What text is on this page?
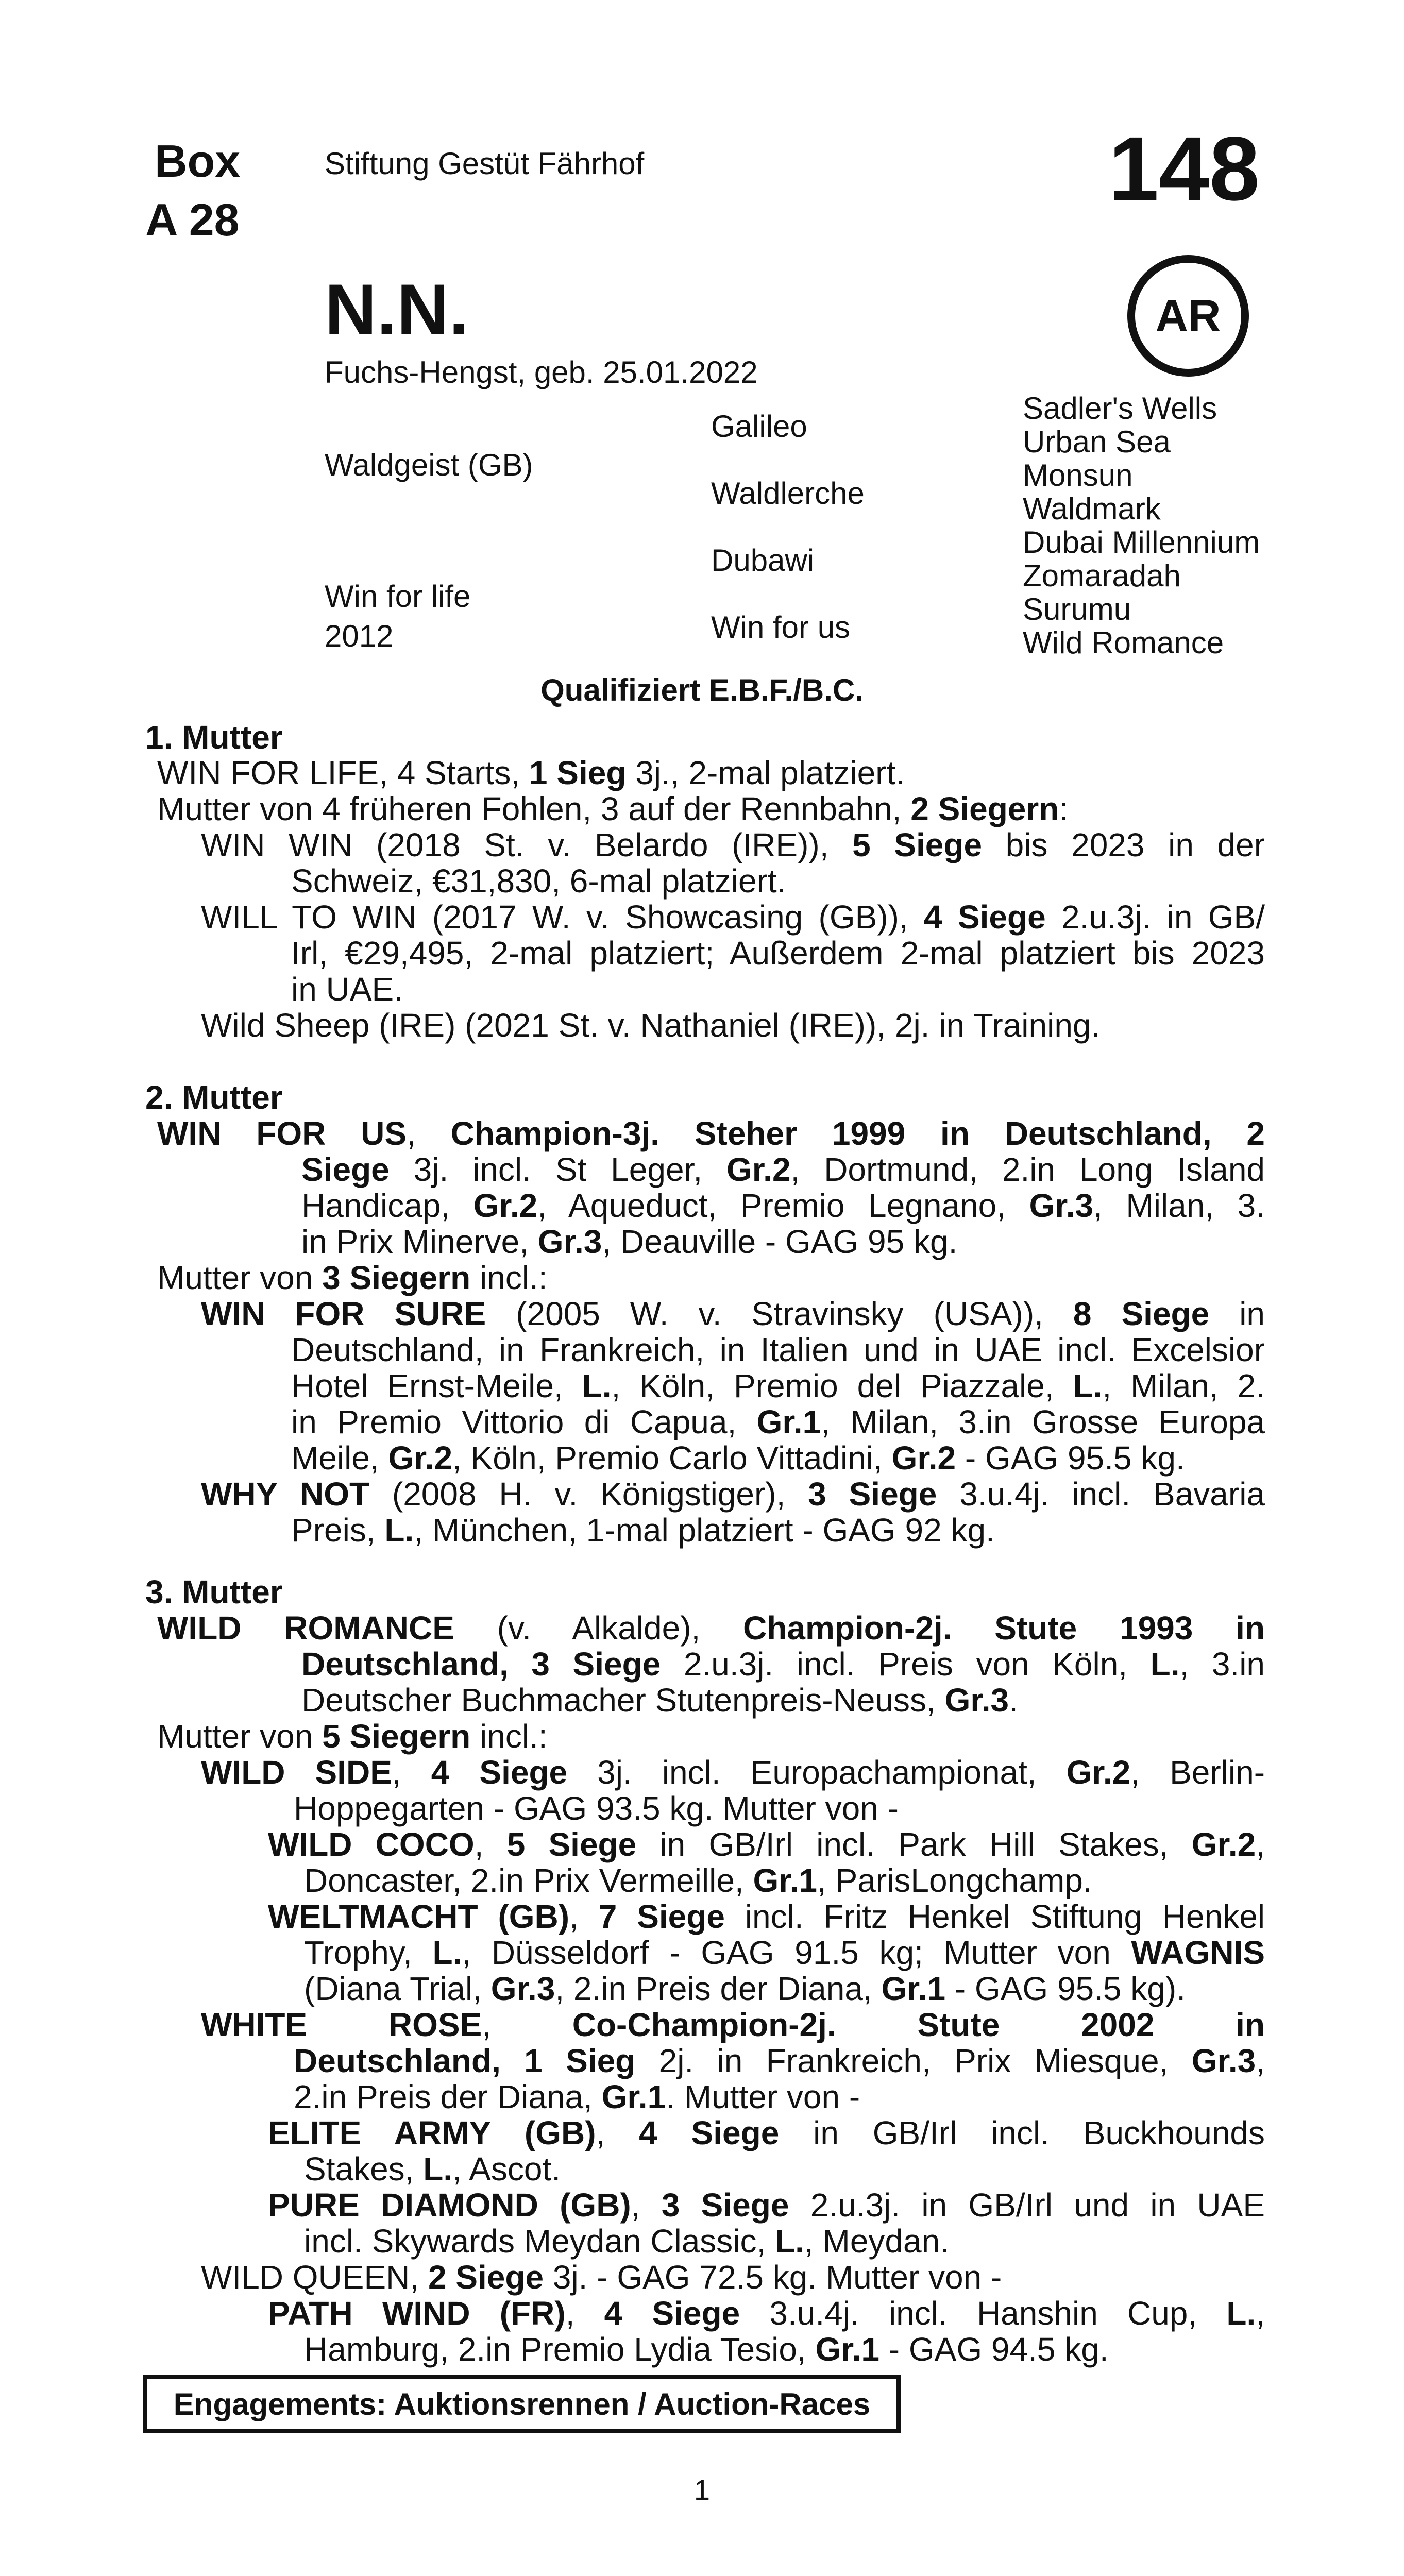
Box
A 28
Stiftung Gestüt Fährhof	148
AR
N.N.
Fuchs-Hengst, geb. 25.01.2022
Waldgeist (GB)
Win for life
2012
Galileo
Waldlerche
Dubawi
Win for us
Sadler's Wells
Urban Sea
Monsun
Waldmark
Dubai Millennium
Zomaradah
Surumu
Wild Romance
Qualifiziert E.B.F./B.C.
1. Mutter
WIN FOR LIFE, 4 Starts, 1 Sieg 3j., 2-mal platziert.
Mutter von 4 früheren Fohlen, 3 auf der Rennbahn, 2 Siegern:
WIN WIN (2018 St. v. Belardo (IRE)), 5 Siege bis 2023 in der
Schweiz, €31,830, 6-mal platziert.
WILL TO WIN (2017 W. v. Showcasing (GB)), 4 Siege 2.u.3j. in GB/
Irl, €29,495, 2-mal platziert; Außerdem 2-mal platziert bis 2023
in UAE.
Wild Sheep (IRE) (2021 St. v. Nathaniel (IRE)), 2j. in Training.
2. Mutter
WIN FOR US, Champion-3j. Steher 1999 in Deutschland, 2
Siege 3j. incl. St Leger, Gr.2, Dortmund, 2.in Long Island
Handicap, Gr.2, Aqueduct, Premio Legnano, Gr.3, Milan, 3.
in Prix Minerve, Gr.3, Deauville - GAG 95 kg.
Mutter von 3 Siegern incl.:
WIN FOR SURE (2005 W. v. Stravinsky (USA)), 8 Siege in
Deutschland, in Frankreich, in Italien und in UAE incl. Excelsior
Hotel Ernst-Meile, L., Köln, Premio del Piazzale, L., Milan, 2.
in Premio Vittorio di Capua, Gr.1, Milan, 3.in Grosse Europa
Meile, Gr.2, Köln, Premio Carlo Vittadini, Gr.2 - GAG 95.5 kg.
WHY NOT (2008 H. v. Königstiger), 3 Siege 3.u.4j. incl. Bavaria
Preis, L., München, 1-mal platziert - GAG 92 kg.
3. Mutter
WILD ROMANCE (v. Alkalde), Champion-2j. Stute 1993 in
Deutschland, 3 Siege 2.u.3j. incl. Preis von Köln, L., 3.in
Deutscher Buchmacher Stutenpreis-Neuss, Gr.3.
Mutter von 5 Siegern incl.:
WILD SIDE, 4 Siege 3j. incl. Europachampionat, Gr.2, Berlin-
Hoppegarten - GAG 93.5 kg. Mutter von -
WILD COCO, 5 Siege in GB/Irl incl. Park Hill Stakes, Gr.2,
Doncaster, 2.in Prix Vermeille, Gr.1, ParisLongchamp.
WELTMACHT (GB), 7 Siege incl. Fritz Henkel Stiftung Henkel
Trophy, L., Düsseldorf - GAG 91.5 kg; Mutter von WAGNIS
(Diana Trial, Gr.3, 2.in Preis der Diana, Gr.1 - GAG 95.5 kg).
WHITE ROSE, Co-Champion-2j. Stute 2002 in
Deutschland, 1 Sieg 2j. in Frankreich, Prix Miesque, Gr.3,
2.in Preis der Diana, Gr.1. Mutter von -
ELITE ARMY (GB), 4 Siege in GB/Irl incl. Buckhounds
Stakes, L., Ascot.
PURE DIAMOND (GB), 3 Siege 2.u.3j. in GB/Irl und in UAE
incl. Skywards Meydan Classic, L., Meydan.
WILD QUEEN, 2 Siege 3j. - GAG 72.5 kg. Mutter von -
PATH WIND (FR), 4 Siege 3.u.4j. incl. Hanshin Cup, L.,
Hamburg, 2.in Premio Lydia Tesio, Gr.1 - GAG 94.5 kg.
Engagements: Auktionsrennen / Auction-Races
1
